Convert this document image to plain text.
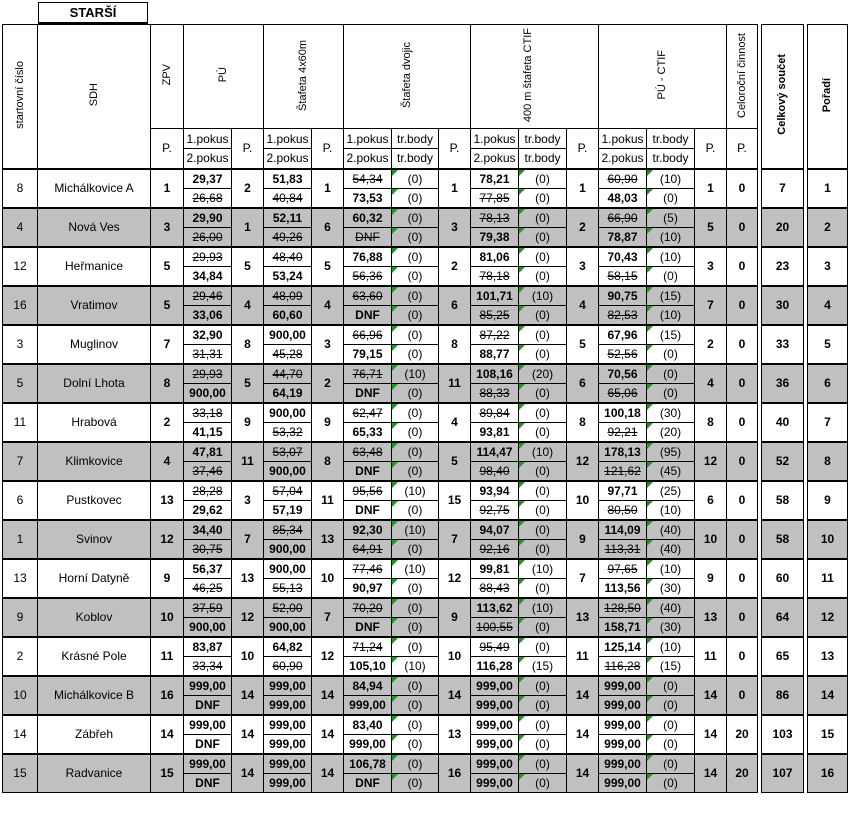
STARŠÍ
startovní číslo	SDH	ZPV	PÚ		Štafeta 4x60m		Štafeta dvojic			400 m štafeta CTIF			PÚ - CTIF			Celoroční činnost		Celkový součet		Pořadí
		P.	1.pokus	P.	1.pokus	P.	1.pokus	tr.body	P.	1.pokus	tr.body	P.	1.pokus	tr.body	P.	P.				
			2.pokus		2.pokus		2.pokus	tr.body		2.pokus	tr.body		2.pokus	tr.body						
8	Michálkovice A	1	29,37	2	51,83	1	54,34	(0)	1	78,21	(0)	1	60,90	(10)	1	0		7		1
			26,68		40,84		73,53	(0)		77,85	(0)		48,03	(0)						
4	Nová Ves	3	29,90	1	52,11	6	60,32	(0)	3	78,13	(0)	2	66,90	(5)	5	0		20		2
			26,00		49,26		DNF	(0)		79,38	(0)		78,87	(10)						
12	Heřmanice	5	29,93	5	48,40	5	76,88	(0)	2	81,06	(0)	3	70,43	(10)	3	0		23		3
			34,84		53,24		56,36	(0)		78,18	(0)		58,15	(0)						
16	Vratimov	5	29,46	4	48,09	4	63,60	(0)	6	101,71	(10)	4	90,75	(15)	7	0		30		4
			33,06		60,60		DNF	(0)		85,25	(0)		82,53	(10)						
3	Muglinov	7	32,90	8	900,00	3	66,96	(0)	8	87,22	(0)	5	67,96	(15)	2	0		33		5
			31,31		45,28		79,15	(0)		88,77	(0)		52,56	(0)						
5	Dolní Lhota	8	29,93	5	44,70	2	76,71	(10)	11	108,16	(20)	6	70,56	(0)	4	0		36		6
			900,00		64,19		DNF	(0)		88,33	(0)		65,06	(0)						
11	Hrabová	2	33,18	9	900,00	9	62,47	(0)	4	89,84	(0)	8	100,18	(30)	8	0		40		7
			41,15		53,32		65,33	(0)		93,81	(0)		92,21	(20)						
7	Klimkovice	4	47,81	11	53,07	8	63,48	(0)	5	114,47	(10)	12	178,13	(95)	12	0		52		8
			37,46		900,00		DNF	(0)		98,40	(0)		121,62	(45)						
6	Pustkovec	13	28,28	3	57,04	11	95,56	(10)	15	93,94	(0)	10	97,71	(25)	6	0		58		9
			29,62		57,19		DNF	(0)		92,75	(0)		80,50	(10)						
1	Svinov	12	34,40	7	85,34	13	92,30	(10)	7	94,07	(0)	9	114,09	(40)	10	0		58		10
			30,75		900,00		64,91	(0)		92,16	(0)		113,31	(40)						
13	Horní Datyně	9	56,37	13	900,00	10	77,46	(10)	12	99,81	(10)	7	97,65	(10)	9	0		60		11
			46,25		55,13		90,97	(0)		88,43	(0)		113,56	(30)						
9	Koblov	10	37,59	12	52,00	7	70,20	(0)	9	113,62	(10)	13	128,50	(40)	13	0		64		12
			900,00		900,00		DNF	(0)		100,55	(0)		158,71	(30)						
2	Krásné Pole	11	83,87	10	64,82	12	71,24	(0)	10	95,49	(0)	11	125,14	(10)	11	0		65		13
			33,34		60,90		105,10	(10)		116,28	(15)		116,28	(15)						
10	Michálkovice B	16	999,00	14	999,00	14	84,94	(0)	14	999,00	(0)	14	999,00	(0)	14	0		86		14
			DNF		999,00		999,00	(0)		999,00	(0)		999,00	(0)						
14	Zábřeh	14	999,00	14	999,00	14	83,40	(0)	13	999,00	(0)	14	999,00	(0)	14	20		103		15
			DNF		999,00		999,00	(0)		999,00	(0)		999,00	(0)						
15	Radvanice	15	999,00	14	999,00	14	106,78	(0)	16	999,00	(0)	14	999,00	(0)	14	20		107		16
			DNF		999,00		DNF	(0)		999,00	(0)		999,00	(0)						
